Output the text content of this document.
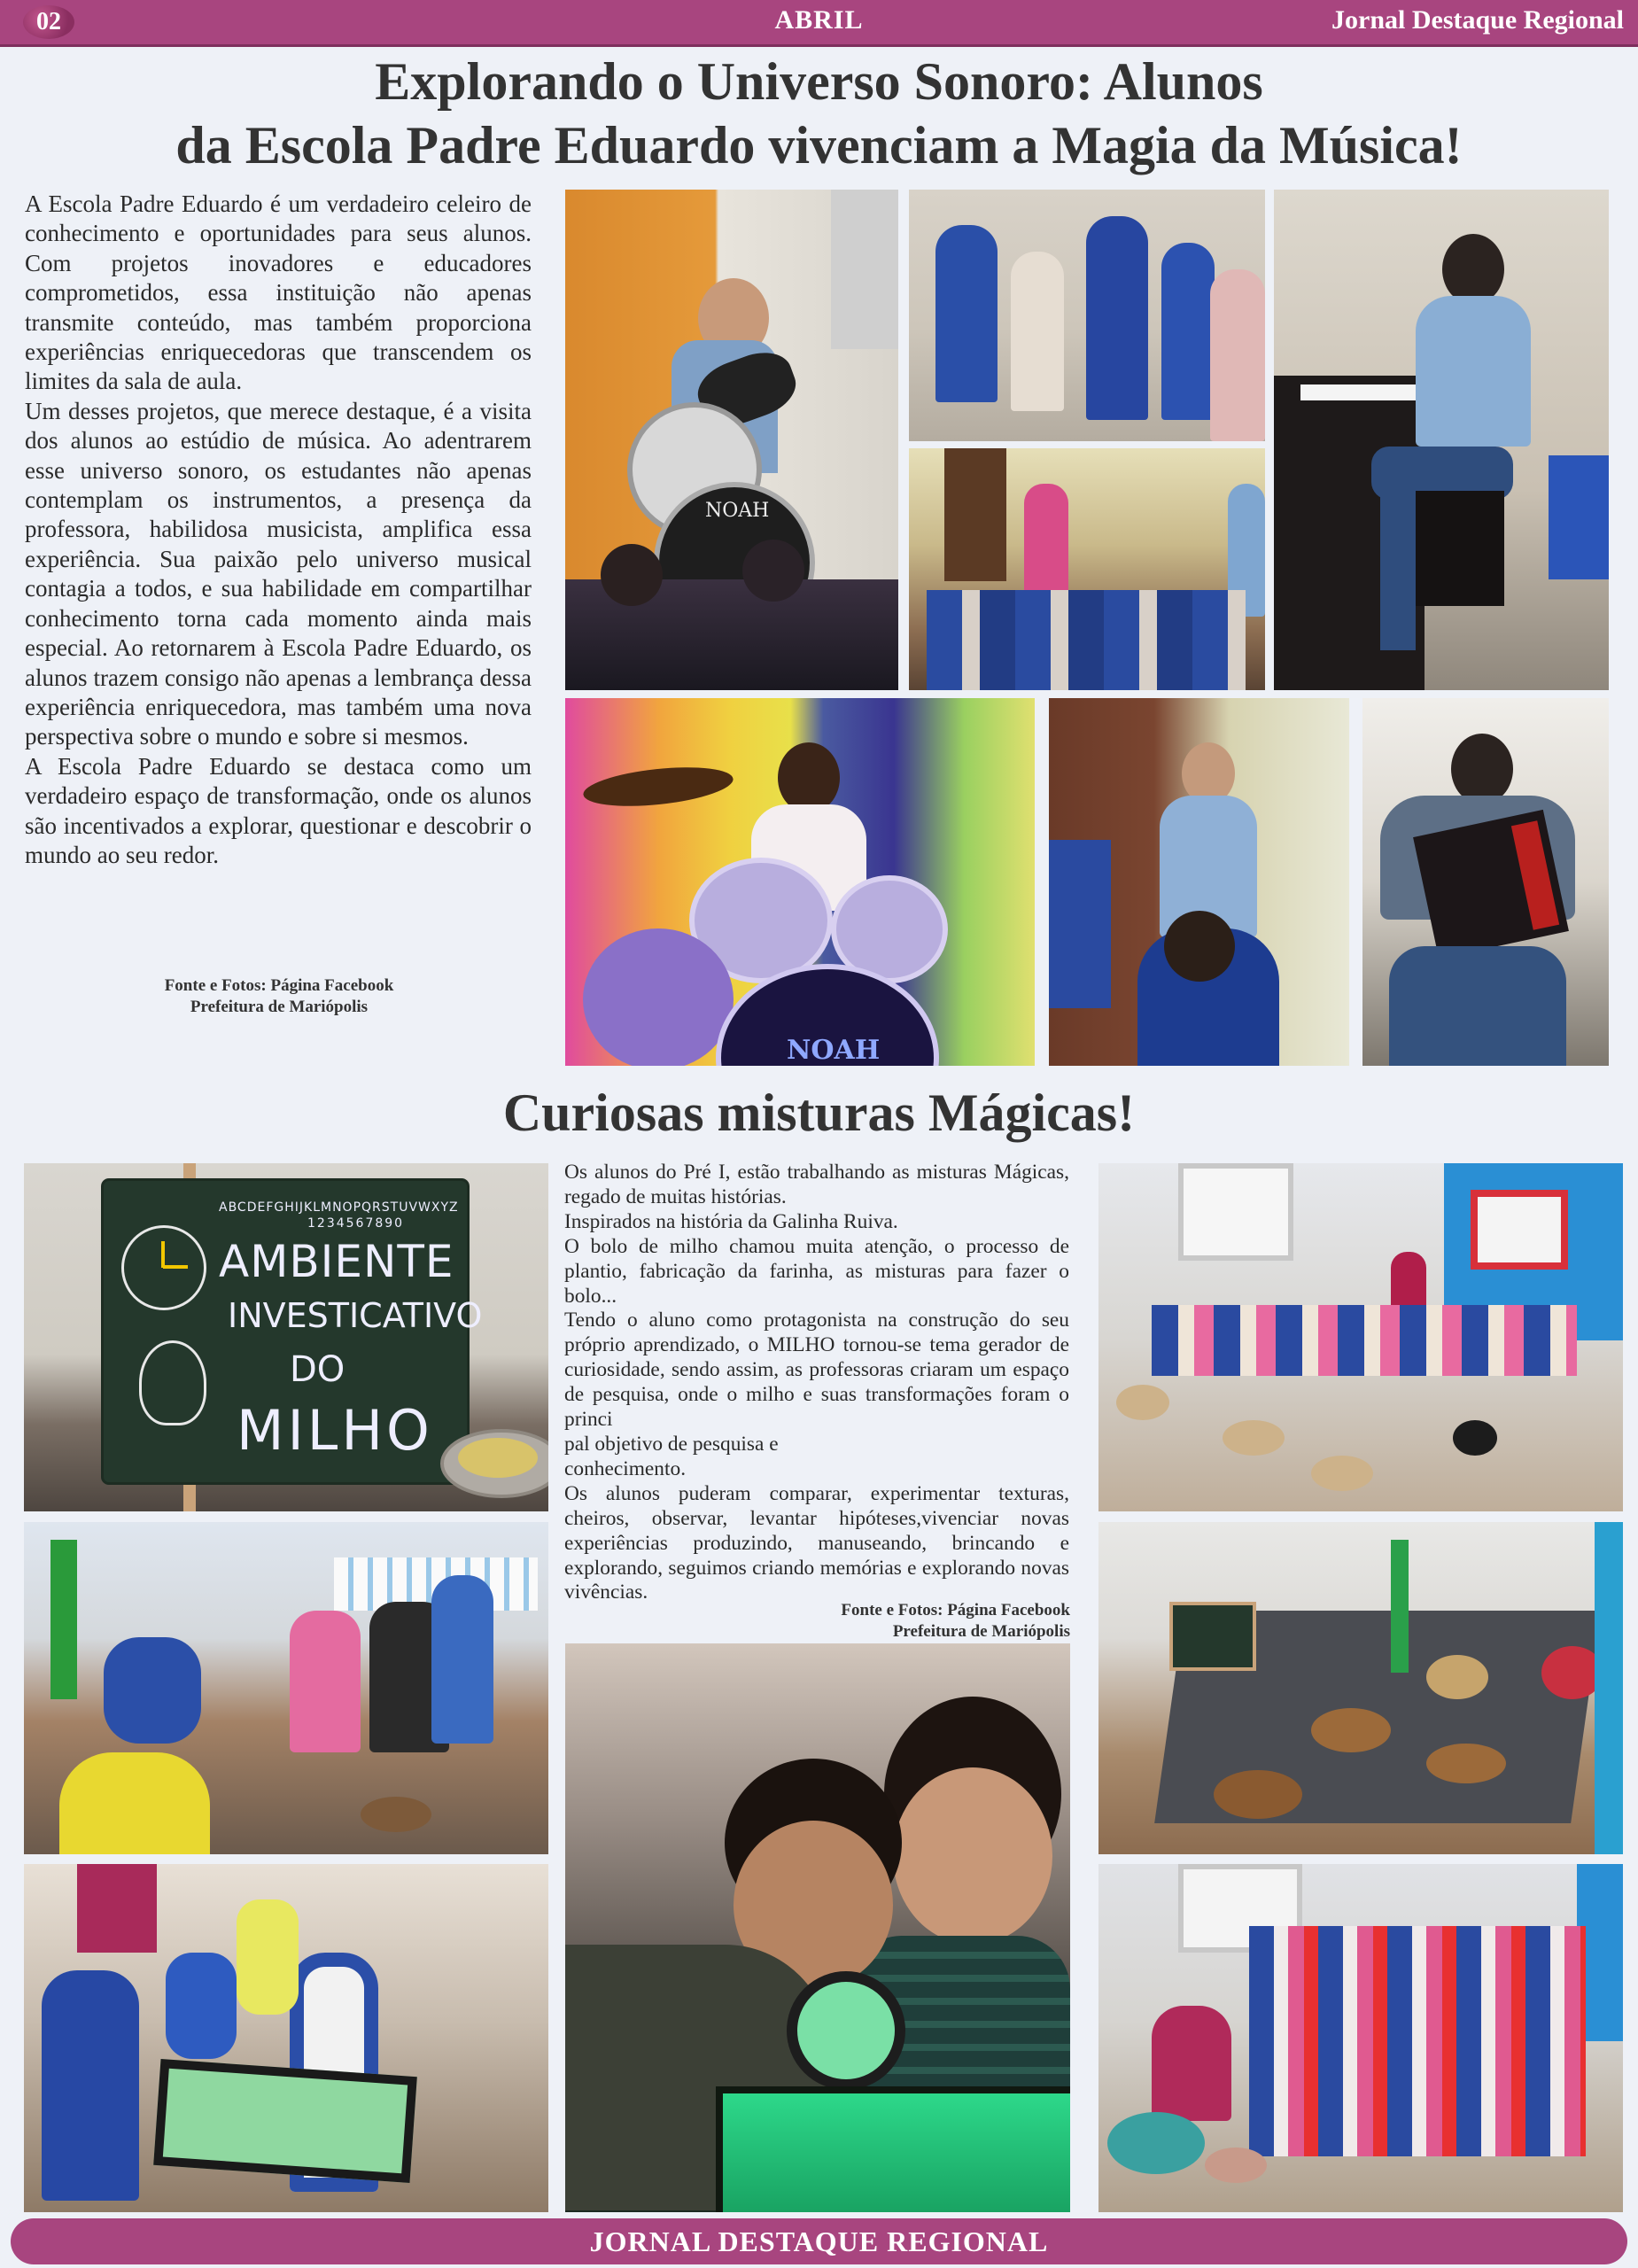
02	ABRIL	Jornal Destaque Regional
Explorando o Universo Sonoro: Alunos
da Escola Padre Eduardo vivenciam a Magia da Música!

A Escola Padre Eduardo é um verdadeiro celeiro de conhecimento e oportunidades para seus alunos. Com projetos inovadores e educadores comprometidos, essa instituição não apenas transmite conteúdo, mas também proporciona experiências enriquecedoras que transcendem os limites da sala de aula.

Um desses projetos, que merece destaque, é a visita dos alunos ao estúdio de música. Ao adentrarem esse universo sonoro, os estudantes não apenas contemplam os instrumentos, a presença da professora, habilidosa musicista, amplifica essa experiência. Sua paixão pelo universo musical contagia a todos, e sua habilidade em compartilhar conhecimento torna cada momento ainda mais especial. Ao retornarem à Escola Padre Eduardo, os alunos trazem consigo não apenas a lembrança dessa experiência enriquecedora, mas também uma nova perspectiva sobre o mundo e sobre si mesmos.

A Escola Padre Eduardo se destaca como um verdadeiro espaço de transformação, onde os alunos são incentivados a explorar, questionar e descobrir o mundo ao seu redor.

Fonte e Fotos: Página Facebook
Prefeitura de Mariópolis
NOAH
NOAH
Curiosas misturas Mágicas!

Os alunos do Pré I, estão trabalhando as misturas Mágicas, regado de muitas histórias.

Inspirados na história da Galinha Ruiva.

O bolo de milho chamou muita atenção, o processo de plantio, fabricação da farinha, as misturas para fazer o bolo...

Tendo o aluno como protagonista na construção do seu próprio aprendizado, o MILHO tornou-se tema gerador de curiosidade, sendo assim, as professoras criaram um espaço de pesquisa, onde o milho e suas transformações foram o princi

pal objetivo de pesquisa e

conhecimento.

Os alunos puderam comparar, experimentar texturas, cheiros, observar, levantar hipóteses,vivenciar novas experiências produzindo, manuseando, brincando e explorando, seguimos criando memórias e explorando novas vivências.

Fonte e Fotos: Página Facebook
Prefeitura de Mariópolis
ABCDEFGHIJKLMNOPQRSTUVWXYZ
1234567890
AMBIENTE
INVESTICATIVO
DO
MILHO
JORNAL DESTAQUE REGIONAL
